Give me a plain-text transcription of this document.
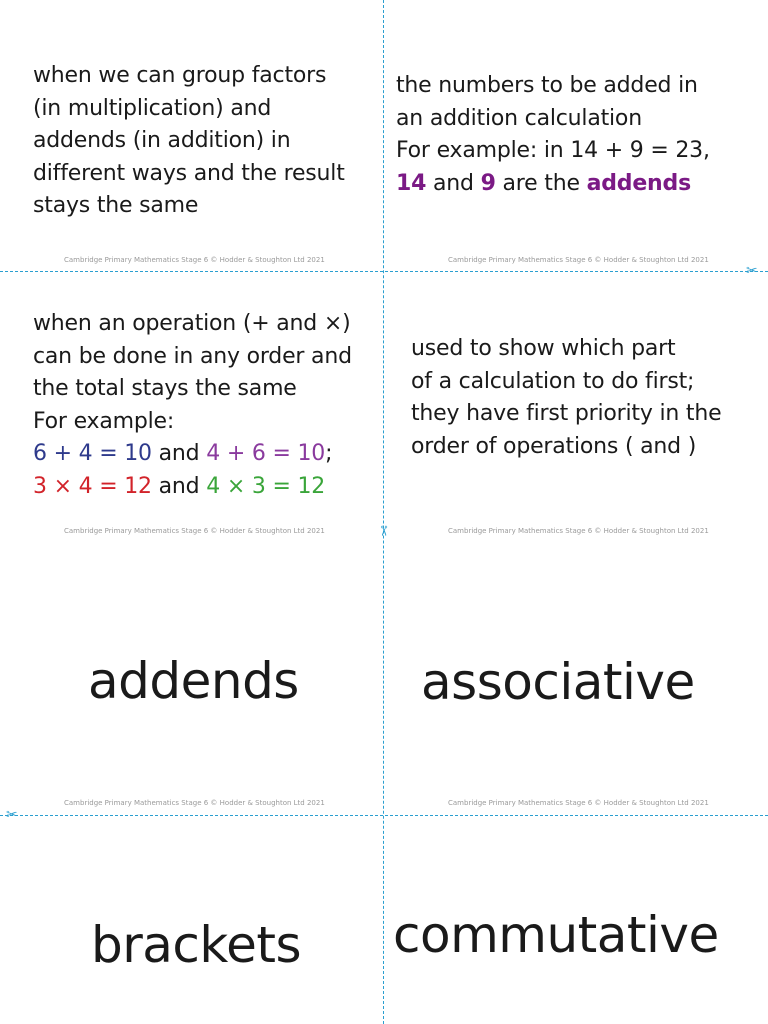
✂
✂
✂
when we can group factors
(in multiplication) and
addends (in addition) in
different ways and the result
stays the same
Cambridge Primary Mathematics Stage 6 © Hodder & Stoughton Ltd 2021
the numbers to be added in
an addition calculation
For example: in 14 + 9 = 23,
14 and 9 are the addends
Cambridge Primary Mathematics Stage 6 © Hodder & Stoughton Ltd 2021
when an operation (+ and ×)
can be done in any order and
the total stays the same
For example:
6 + 4 = 10 and 4 + 6 = 10;
3 × 4 = 12 and 4 × 3 = 12
Cambridge Primary Mathematics Stage 6 © Hodder & Stoughton Ltd 2021
used to show which part
of a calculation to do first;
they have first priority in the
order of operations ( and )
Cambridge Primary Mathematics Stage 6 © Hodder & Stoughton Ltd 2021
addends
Cambridge Primary Mathematics Stage 6 © Hodder & Stoughton Ltd 2021
associative
Cambridge Primary Mathematics Stage 6 © Hodder & Stoughton Ltd 2021
brackets commutative
